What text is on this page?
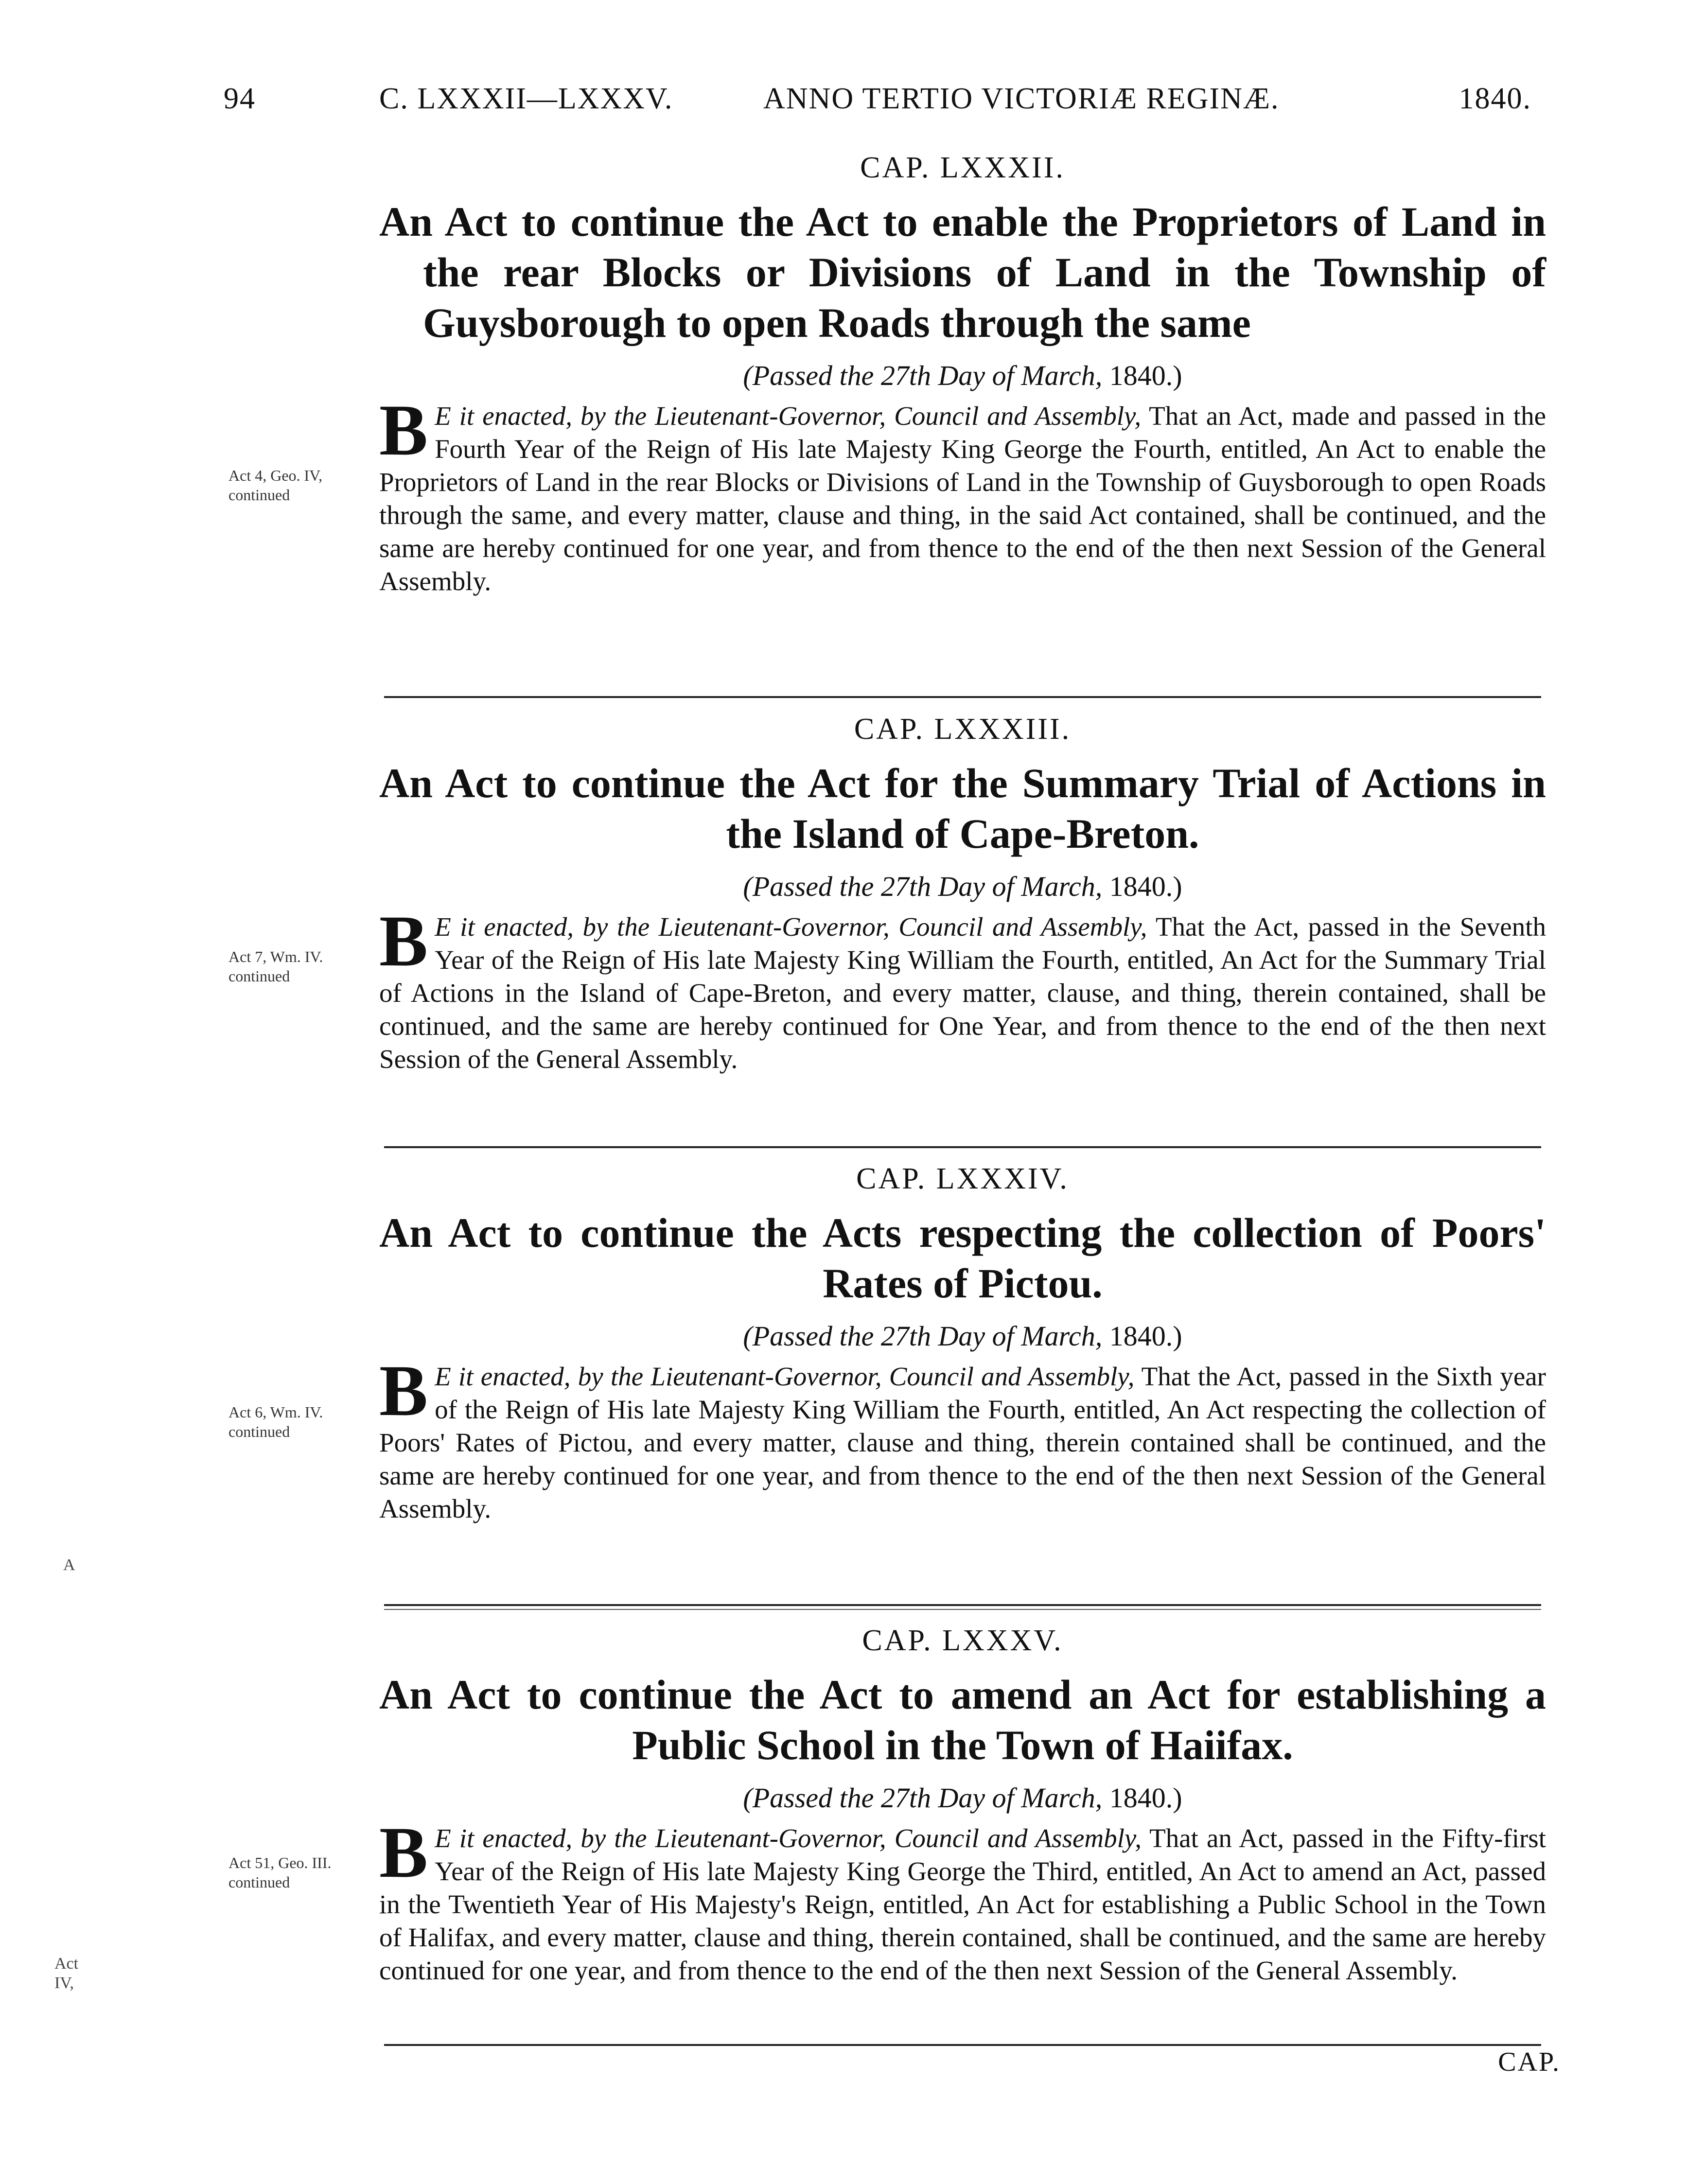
94	C. LXXXII—LXXXV.	ANNO TERTIO VICTORIÆ REGINÆ.	1840.
CAP. LXXXII.
An Act to continue the Act to enable the Proprietors of Land in the rear Blocks or Divisions of Land in the Township of Guysborough to open Roads through the same
(Passed the 27th Day of March, 1840.)
B E it enacted, by the Lieutenant-Governor, Council and Assembly, That an Act, made and passed in the Fourth Year of the Reign of His late Majesty King George the Fourth, entitled, An Act to enable the Proprietors of Land in the rear Blocks or Divisions of Land in the Township of Guysborough to open Roads through the same, and every matter, clause and thing, in the said Act contained, shall be continued, and the same are hereby continued for one year, and from thence to the end of the then next Session of the General Assembly.
Act 4, Geo. IV, continued
CAP. LXXXIII.
An Act to continue the Act for the Summary Trial of Actions in the Island of Cape-Breton.
(Passed the 27th Day of March, 1840.)
B E it enacted, by the Lieutenant-Governor, Council and Assembly, That the Act, passed in the Seventh Year of the Reign of His late Majesty King William the Fourth, entitled, An Act for the Summary Trial of Actions in the Island of Cape-Breton, and every matter, clause, and thing, therein contained, shall be continued, and the same are hereby continued for One Year, and from thence to the end of the then next Session of the General Assembly.
Act 7, Wm. IV. continued
CAP. LXXXIV.
An Act to continue the Acts respecting the collection of Poors' Rates of Pictou.
(Passed the 27th Day of March, 1840.)
B E it enacted, by the Lieutenant-Governor, Council and Assembly, That the Act, passed in the Sixth year of the Reign of His late Majesty King William the Fourth, entitled, An Act respecting the collection of Poors' Rates of Pictou, and every matter, clause and thing, therein contained shall be continued, and the same are hereby continued for one year, and from thence to the end of the then next Session of the General Assembly.
Act 6, Wm. IV. continued
CAP. LXXXV.
An Act to continue the Act to amend an Act for establishing a Public School in the Town of Haiifax.
(Passed the 27th Day of March, 1840.)
B E it enacted, by the Lieutenant-Governor, Council and Assembly, That an Act, passed in the Fifty-first Year of the Reign of His late Majesty King George the Third, entitled, An Act to amend an Act, passed in the Twentieth Year of His Majesty's Reign, entitled, An Act for establishing a Public School in the Town of Halifax, and every matter, clause and thing, therein contained, shall be continued, and the same are hereby continued for one year, and from thence to the end of the then next Session of the General Assembly.
Act 51, Geo. III. continued
A
Act IV,
CAP.
